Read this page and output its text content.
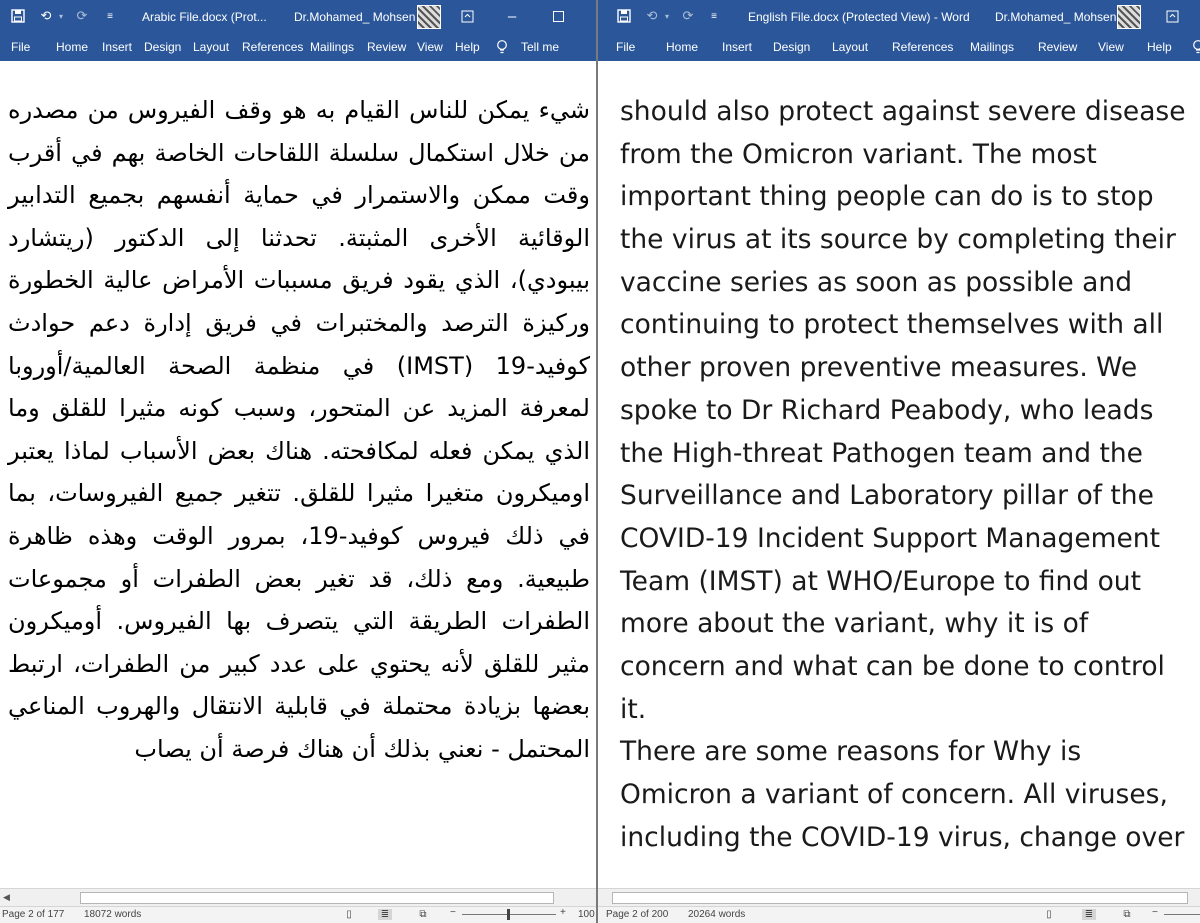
⟲ ▾ ⟳	≡ Arabic File.docx (Prot... Dr.Mohamed_ Mohsen	–
File Home Insert Design Layout References Mailings Review View Help	Tell me

شيء يمكن للناس القيام به هو وقف الفيروس من مصدره من خلال استكمال سلسلة اللقاحات الخاصة بهم في أقرب وقت ممكن والاستمرار في حماية أنفسهم بجميع التدابير الوقائية الأخرى المثبتة. تحدثنا إلى الدكتور (ريتشارد بيبودي)، الذي يقود فريق مسببات الأمراض عالية الخطورة وركيزة الترصد والمختبرات في فريق إدارة دعم حوادث كوفيد-19 (IMST) في منظمة الصحة العالمية/أوروبا لمعرفة المزيد عن المتحور، وسبب كونه مثيرا للقلق وما الذي يمكن فعله لمكافحته. هناك بعض الأسباب لماذا يعتبر اوميكرون متغيرا مثيرا للقلق. تتغير جميع الفيروسات، بما في ذلك فيروس كوفيد-19، بمرور الوقت وهذه ظاهرة طبيعية. ومع ذلك، قد تغير بعض الطفرات أو مجموعات الطفرات الطريقة التي يتصرف بها الفيروس. أوميكرون مثير للقلق لأنه يحتوي على عدد كبير من الطفرات، ارتبط بعضها بزيادة محتملة في قابلية الانتقال والهروب المناعي المحتمل - نعني بذلك أن هناك فرصة أن يصاب

◀
Page 2 of 177 18072 words	▯	≣	⧉	−	+ 100
⟲ ▾ ⟳	≡	English File.docx (Protected View) - Word Dr.Mohamed_ Mohsen
File	Home Insert Design Layout References Mailings Review View Help
should also protect against severe disease
from the Omicron variant. The most
important thing people can do is to stop
the virus at its source by completing their
vaccine series as soon as possible and
continuing to protect themselves with all
other proven preventive measures. We
spoke to Dr Richard Peabody, who leads
the High-threat Pathogen team and the
Surveillance and Laboratory pillar of the
COVID-19 Incident Support Management
Team (IMST) at WHO/Europe to find out
more about the variant, why it is of
concern and what can be done to control
it.
There are some reasons for Why is
Omicron a variant of concern. All viruses,
including the COVID-19 virus, change over
Page 2 of 200 20264 words	▯	≣	⧉	−
